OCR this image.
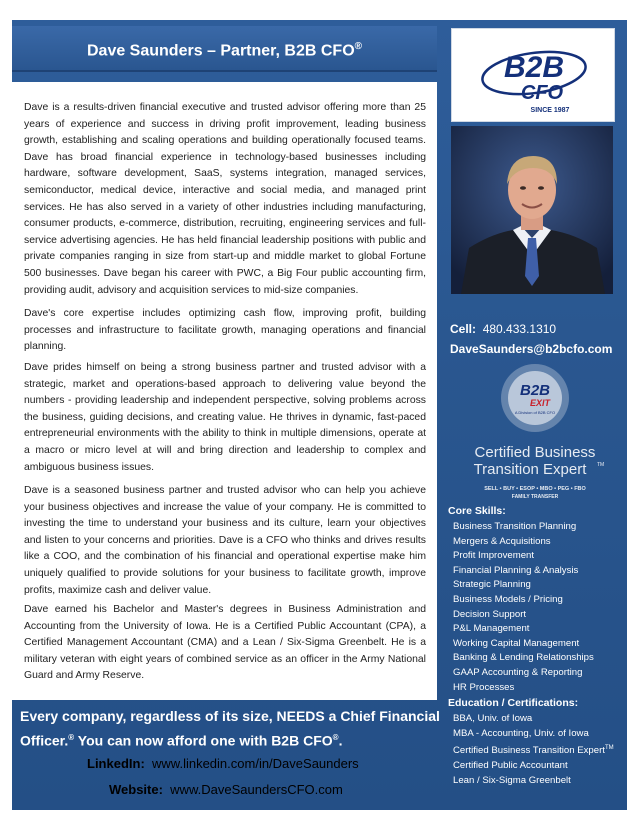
Dave Saunders – Partner, B2B CFO®

Dave is a results-driven financial executive and trusted advisor offering more than 25 years of experience and success in driving profit improvement, leading business growth, establishing and scaling operations and building operationally focused teams. Dave has broad financial experience in technology-based businesses including hardware, software development, SaaS, systems integration, managed services, semiconductor, medical device, interactive and social media, and managed print services. He has also served in a variety of other industries including manufacturing, consumer products, e-commerce, distribution, recruiting, engineering services and full-service advertising agencies. He has held financial leadership positions with public and private companies ranging in size from start-up and middle market to global Fortune 500 businesses. Dave began his career with PWC, a Big Four public accounting firm, providing audit, advisory and acquisition services to mid-size companies.

Dave's core expertise includes optimizing cash flow, improving profit, building processes and infrastructure to facilitate growth, managing operations and financial planning.

Dave prides himself on being a strong business partner and trusted advisor with a strategic, market and operations-based approach to delivering value beyond the numbers - providing leadership and independent perspective, solving problems across the business, guiding decisions, and creating value. He thrives in dynamic, fast-paced entrepreneurial environments with the ability to think in multiple dimensions, operate at a macro or micro level at will and bring direction and leadership to complex and ambiguous business issues.

Dave is a seasoned business partner and trusted advisor who can help you achieve your business objectives and increase the value of your company. He is committed to investing the time to understand your business and its culture, learn your objectives and listen to your concerns and priorities. Dave is a CFO who thinks and drives results like a COO, and the combination of his financial and operational expertise make him uniquely qualified to provide solutions for your business to facilitate growth, improve profits, maximize cash and deliver value.

Dave earned his Bachelor and Master's degrees in Business Administration and Accounting from the University of Iowa. He is a Certified Public Accountant (CPA), a Certified Management Accountant (CMA) and a Lean / Six-Sigma Greenbelt. He is a military veteran with eight years of combined service as an officer in the Army National Guard and Army Reserve.

B2B
CFO
SINCE 1987
Cell: 480.433.1310
DaveSaunders@b2bcfo.com
B2B
EXIT
A Division of B2B CFO
Certified Business
Transition Expert TM
SELL • BUY • ESOP • MBO • PEG • FBO
FAMILY TRANSFER
Core Skills:
Business Transition Planning
Mergers & Acquisitions
Profit Improvement
Financial Planning & Analysis
Strategic Planning
Business Models / Pricing
Decision Support
P&L Management
Working Capital Management
Banking & Lending Relationships
GAAP Accounting & Reporting
HR Processes
Education / Certifications:
BBA, Univ. of Iowa
MBA - Accounting, Univ. of Iowa
Certified Business Transition Expert™
Certified Public Accountant
Lean / Six-Sigma Greenbelt
Every company, regardless of its size, NEEDS a Chief Financial Officer.® You can now afford one with B2B CFO®.
LinkedIn: www.linkedin.com/in/DaveSaunders
Website: www.DaveSaundersCFO.com
